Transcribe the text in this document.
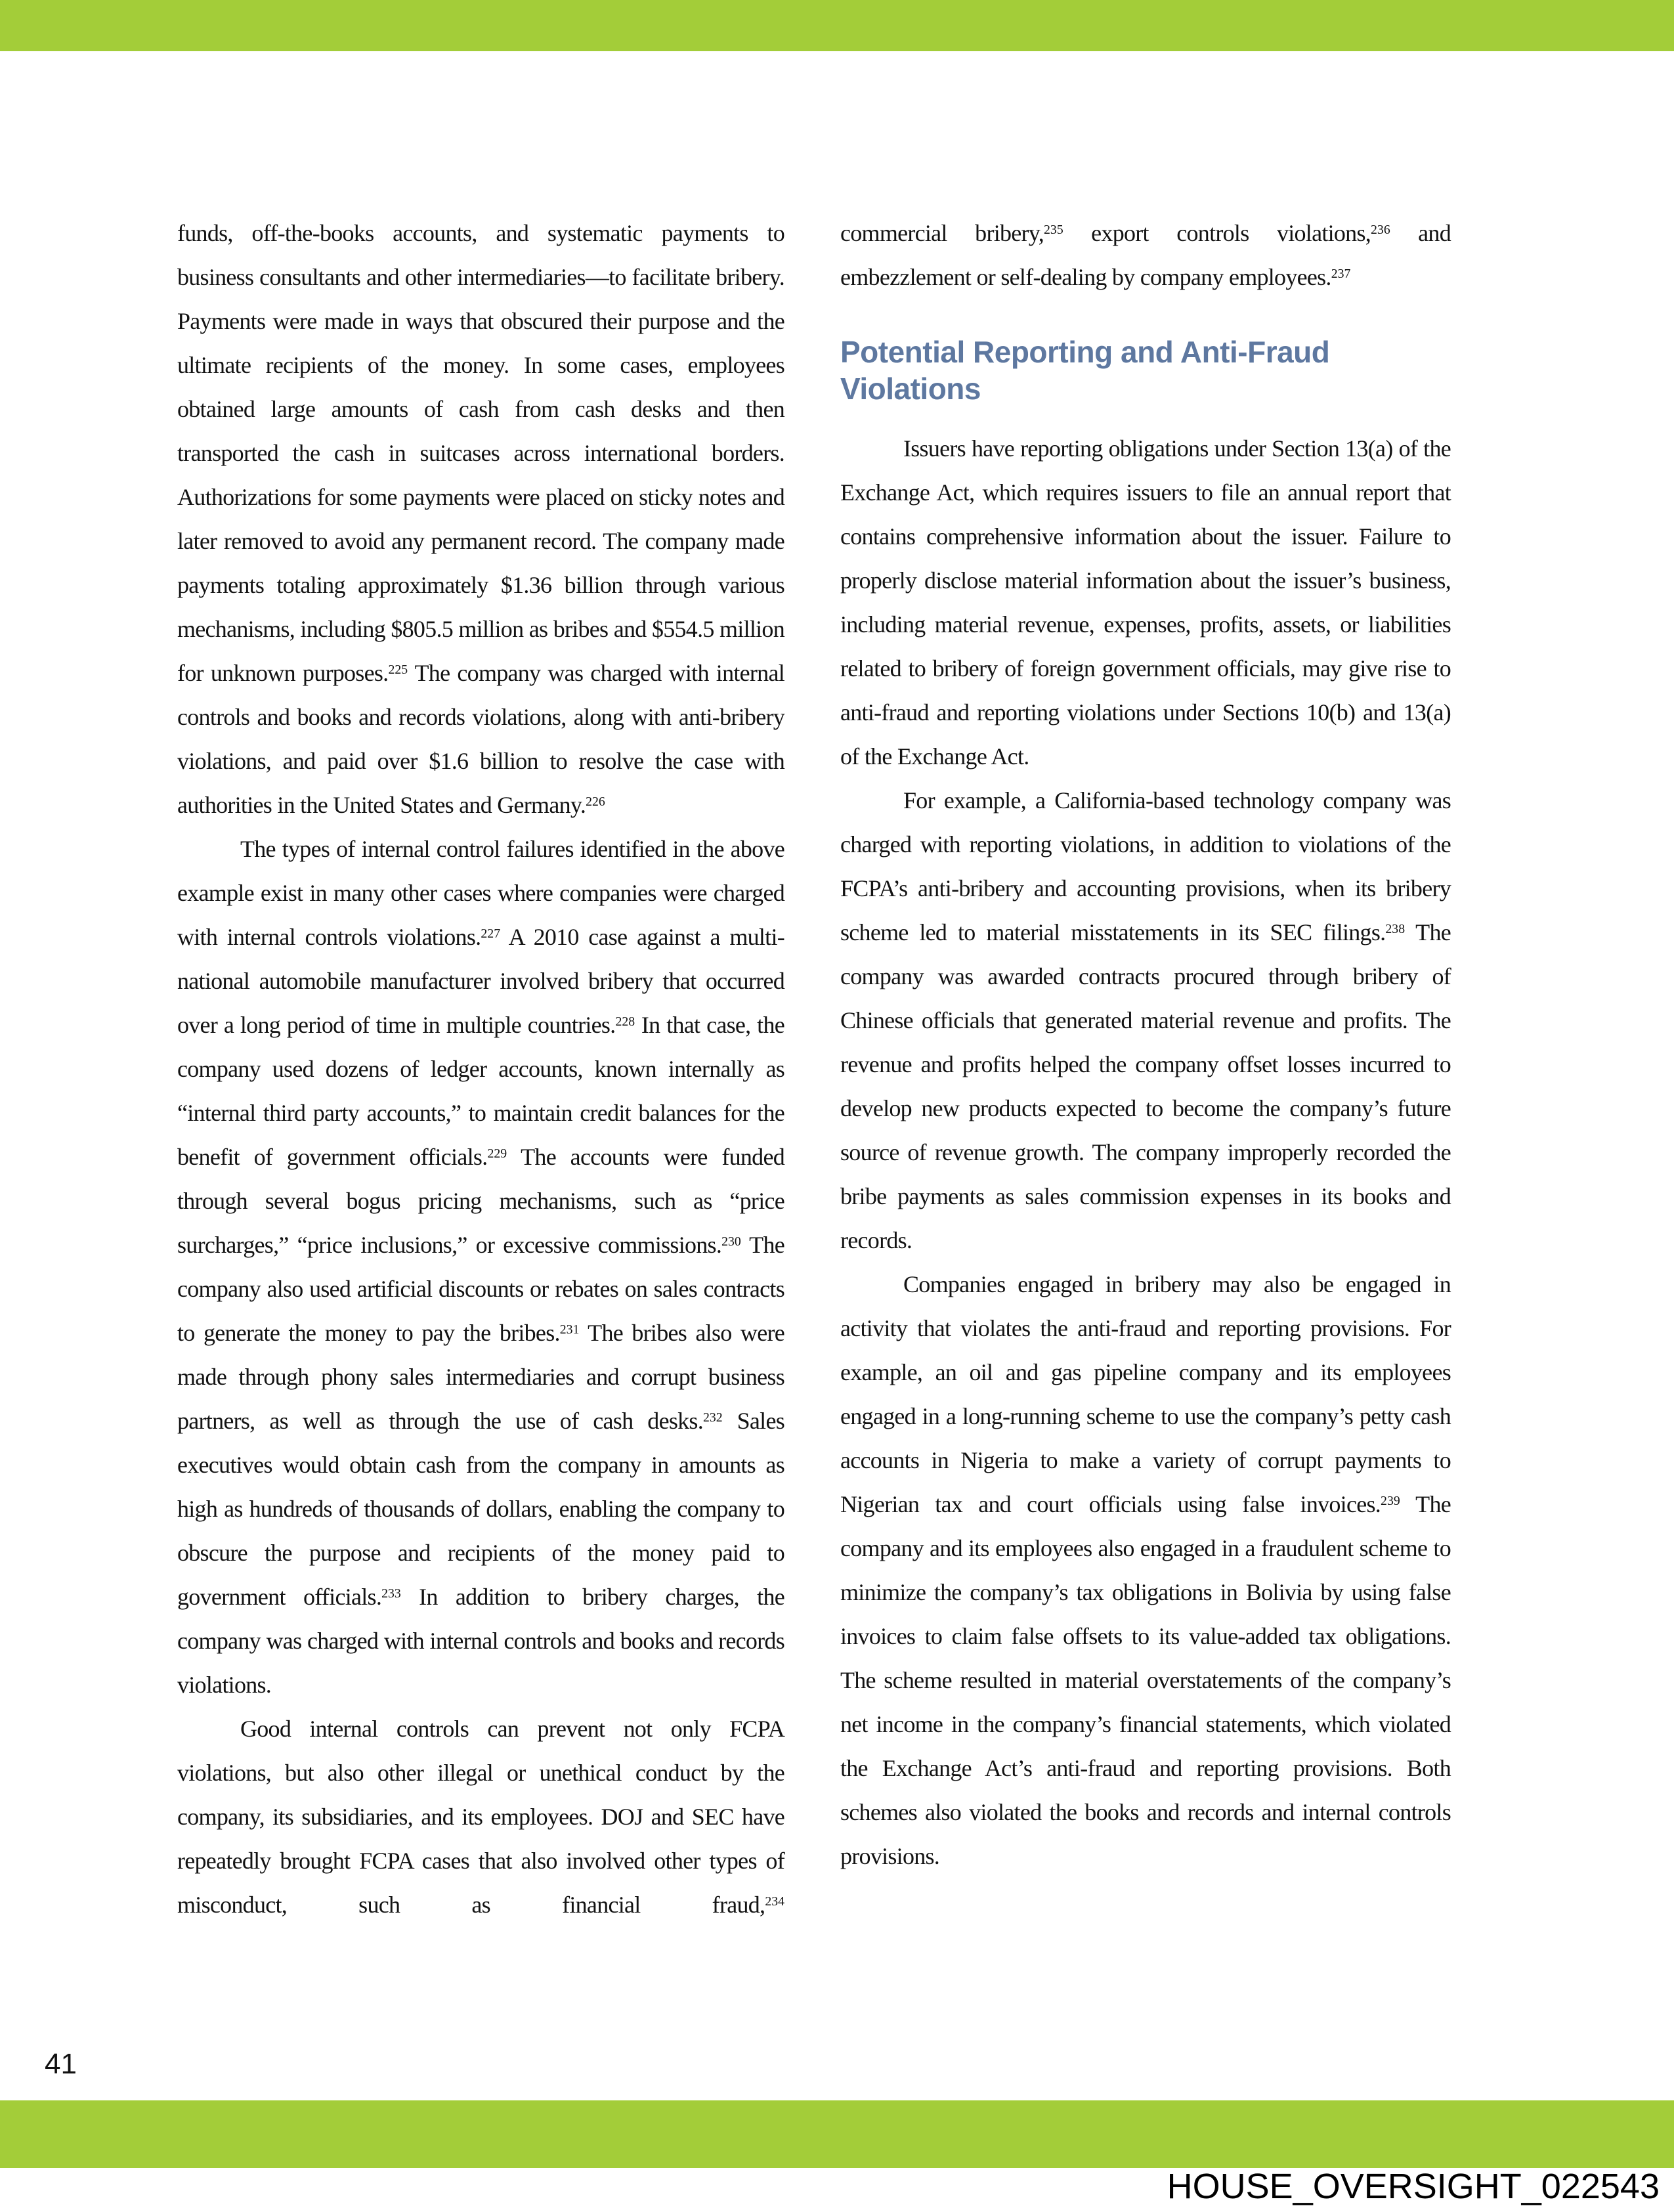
funds, off-the-books accounts, and systematic payments to business consultants and other intermediaries—to facilitate bribery. Payments were made in ways that obscured their purpose and the ultimate recipients of the money. In some cases, employees obtained large amounts of cash from cash desks and then transported the cash in suitcases across international borders. Authorizations for some payments were placed on sticky notes and later removed to avoid any permanent record. The company made payments totaling approximately $1.36 billion through various mechanisms, including $805.5 million as bribes and $554.5 million for unknown purposes.$^{225}$ The company was charged with internal controls and books and records violations, along with anti-bribery violations, and paid over $1.6 billion to resolve the case with authorities in the United States and Germany.$^{226}$

The types of internal control failures identified in the above example exist in many other cases where companies were charged with internal controls violations.$^{227}$ A 2010 case against a multi-national automobile manufacturer involved bribery that occurred over a long period of time in multiple countries.$^{228}$ In that case, the company used dozens of ledger accounts, known internally as “internal third party accounts,” to maintain credit balances for the benefit of government officials.$^{229}$ The accounts were funded through several bogus pricing mechanisms, such as “price surcharges,” “price inclusions,” or excessive commissions.$^{230}$ The company also used artificial discounts or rebates on sales contracts to generate the money to pay the bribes.$^{231}$ The bribes also were made through phony sales intermediaries and corrupt business partners, as well as through the use of cash desks.$^{232}$ Sales executives would obtain cash from the company in amounts as high as hundreds of thousands of dollars, enabling the company to obscure the purpose and recipients of the money paid to government officials.$^{233}$ In addition to bribery charges, the company was charged with internal controls and books and records violations.

Good internal controls can prevent not only FCPA violations, but also other illegal or unethical conduct by the company, its subsidiaries, and its employees. DOJ and SEC have repeatedly brought FCPA cases that also involved other types of misconduct, such as financial fraud,$^{234}$

commercial bribery,$^{235}$ export controls violations,$^{236}$ and embezzlement or self-dealing by company employees.$^{237}$

Potential Reporting and Anti-Fraud Violations

Issuers have reporting obligations under Section 13(a) of the Exchange Act, which requires issuers to file an annual report that contains comprehensive information about the issuer. Failure to properly disclose material information about the issuer’s business, including material revenue, expenses, profits, assets, or liabilities related to bribery of foreign government officials, may give rise to anti-fraud and reporting violations under Sections 10(b) and 13(a) of the Exchange Act.

For example, a California-based technology company was charged with reporting violations, in addition to violations of the FCPA’s anti-bribery and accounting provisions, when its bribery scheme led to material misstatements in its SEC filings.$^{238}$ The company was awarded contracts procured through bribery of Chinese officials that generated material revenue and profits. The revenue and profits helped the company offset losses incurred to develop new products expected to become the company’s future source of revenue growth. The company improperly recorded the bribe payments as sales commission expenses in its books and records.

Companies engaged in bribery may also be engaged in activity that violates the anti-fraud and reporting provisions. For example, an oil and gas pipeline company and its employees engaged in a long-running scheme to use the company’s petty cash accounts in Nigeria to make a variety of corrupt payments to Nigerian tax and court officials using false invoices.$^{239}$ The company and its employees also engaged in a fraudulent scheme to minimize the company’s tax obligations in Bolivia by using false invoices to claim false offsets to its value-added tax obligations. The scheme resulted in material overstatements of the company’s net income in the company’s financial statements, which violated the Exchange Act’s anti-fraud and reporting provisions. Both schemes also violated the books and records and internal controls provisions.

41
HOUSE_OVERSIGHT_022543
